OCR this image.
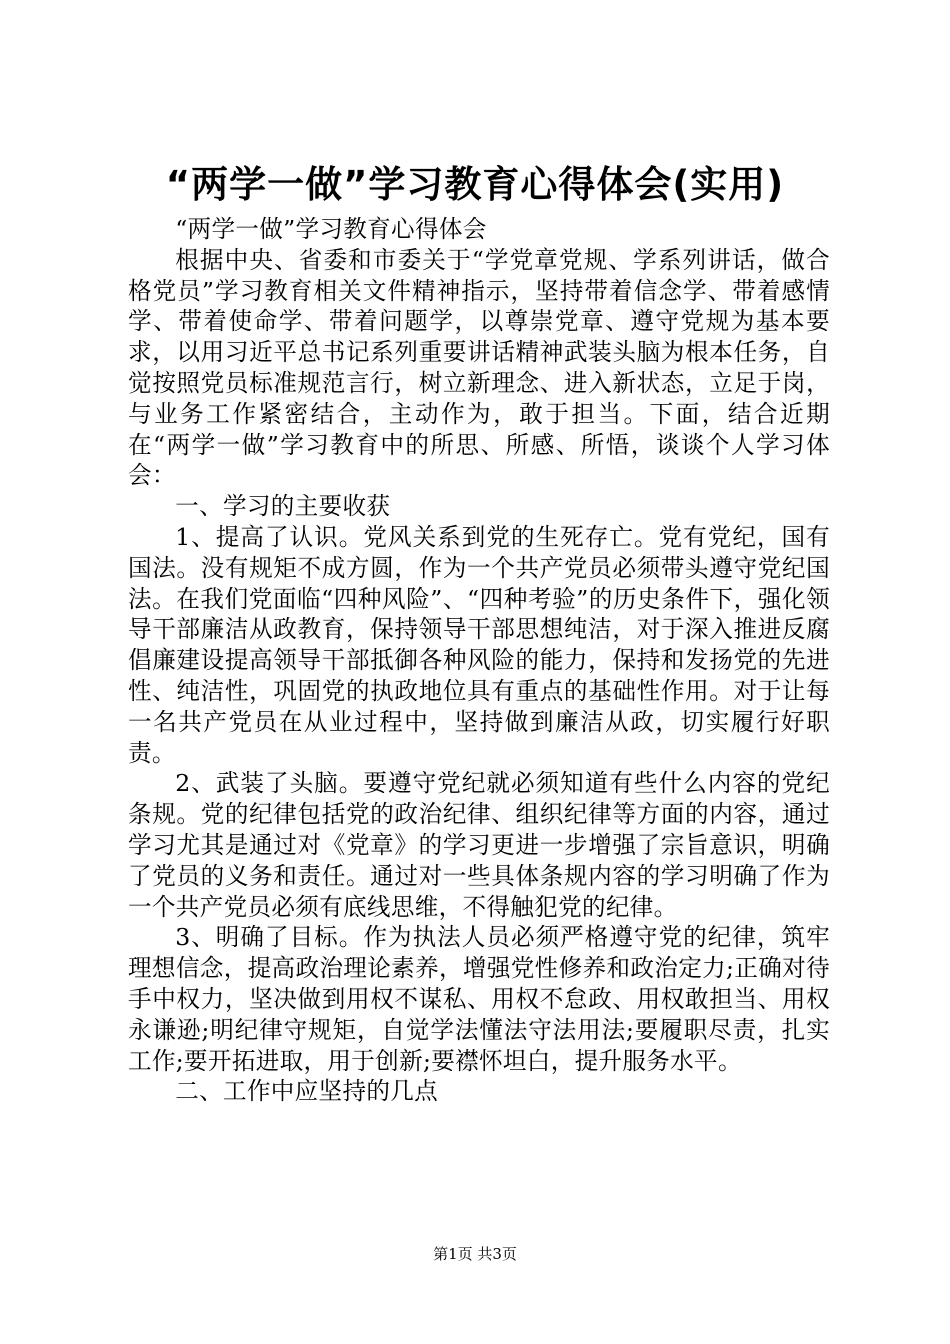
“两学一做”学习教育心得体会(实用)

“两学一做”学习教育心得体会

根据中央、省委和市委关于“学党章党规、学系列讲话，做合格党员”学习教育相关文件精神指示，坚持带着信念学、带着感情学、带着使命学、带着问题学，以尊崇党章、遵守党规为基本要求，以用习近平总书记系列重要讲话精神武装头脑为根本任务，自觉按照党员标准规范言行，树立新理念、进入新状态，立足于岗，与业务工作紧密结合，主动作为，敢于担当。下面，结合近期在“两学一做”学习教育中的所思、所感、所悟，谈谈个人学习体会：

一、学习的主要收获

1、提高了认识。党风关系到党的生死存亡。党有党纪，国有国法。没有规矩不成方圆，作为一个共产党员必须带头遵守党纪国法。在我们党面临“四种风险”、“四种考验”的历史条件下，强化领导干部廉洁从政教育，保持领导干部思想纯洁，对于深入推进反腐倡廉建设提高领导干部抵御各种风险的能力，保持和发扬党的先进性、纯洁性，巩固党的执政地位具有重点的基础性作用。对于让每一名共产党员在从业过程中，坚持做到廉洁从政，切实履行好职责。

2、武装了头脑。要遵守党纪就必须知道有些什么内容的党纪条规。党的纪律包括党的政治纪律、组织纪律等方面的内容，通过学习尤其是通过对《党章》的学习更进一步增强了宗旨意识，明确了党员的义务和责任。通过对一些具体条规内容的学习明确了作为一个共产党员必须有底线思维，不得触犯党的纪律。

3、明确了目标。作为执法人员必须严格遵守党的纪律，筑牢理想信念，提高政治理论素养，增强党性修养和政治定力;正确对待手中权力，坚决做到用权不谋私、用权不怠政、用权敢担当、用权永谦逊;明纪律守规矩，自觉学法懂法守法用法;要履职尽责，扎实工作;要开拓进取，用于创新;要襟怀坦白，提升服务水平。

二、工作中应坚持的几点

第1页 共3页
